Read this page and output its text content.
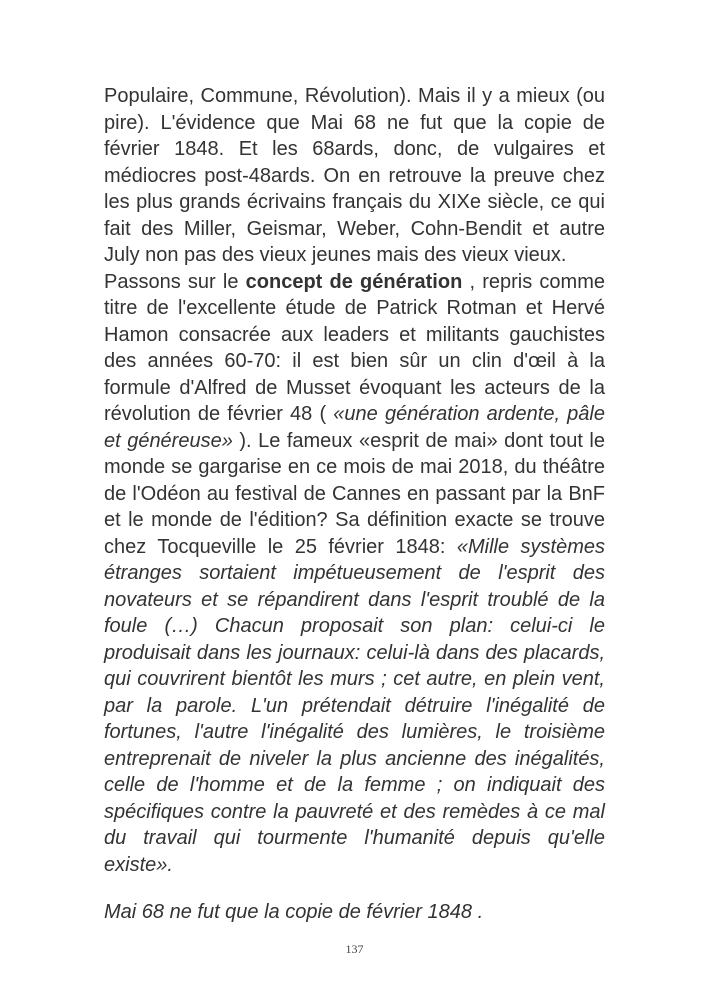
Populaire, Commune, Révolution). Mais il y a mieux (ou
pire). L'évidence que Mai 68 ne fut que la copie de
février 1848. Et les 68ards, donc, de vulgaires et
médiocres post-48ards. On en retrouve la preuve chez
les plus grands écrivains français du XIXe siècle, ce qui
fait des Miller, Geismar, Weber, Cohn-Bendit et autre
July non pas des vieux jeunes mais des vieux vieux.
Passons sur le concept de génération , repris comme
titre de l'excellente étude de Patrick Rotman et Hervé
Hamon consacrée aux leaders et militants gauchistes
des années 60-70: il est bien sûr un clin d'œil à la
formule d'Alfred de Musset évoquant les acteurs de la
révolution de février 48 ( «une génération ardente, pâle
et généreuse» ). Le fameux «esprit de mai» dont tout le
monde se gargarise en ce mois de mai 2018, du théâtre
de l'Odéon au festival de Cannes en passant par la BnF
et le monde de l'édition? Sa définition exacte se trouve
chez Tocqueville le 25 février 1848: «Mille systèmes
étranges sortaient impétueusement de l'esprit des
novateurs et se répandirent dans l'esprit troublé de la
foule (…) Chacun proposait son plan: celui-ci le
produisait dans les journaux: celui-là dans des placards,
qui couvrirent bientôt les murs ; cet autre, en plein vent,
par la parole. L'un prétendait détruire l'inégalité de
fortunes, l'autre l'inégalité des lumières, le troisième
entreprenait de niveler la plus ancienne des inégalités,
celle de l'homme et de la femme ; on indiquait des
spécifiques contre la pauvreté et des remèdes à ce mal
du travail qui tourmente l'humanité depuis qu'elle
existe».
Mai 68 ne fut que la copie de février 1848 .
137
